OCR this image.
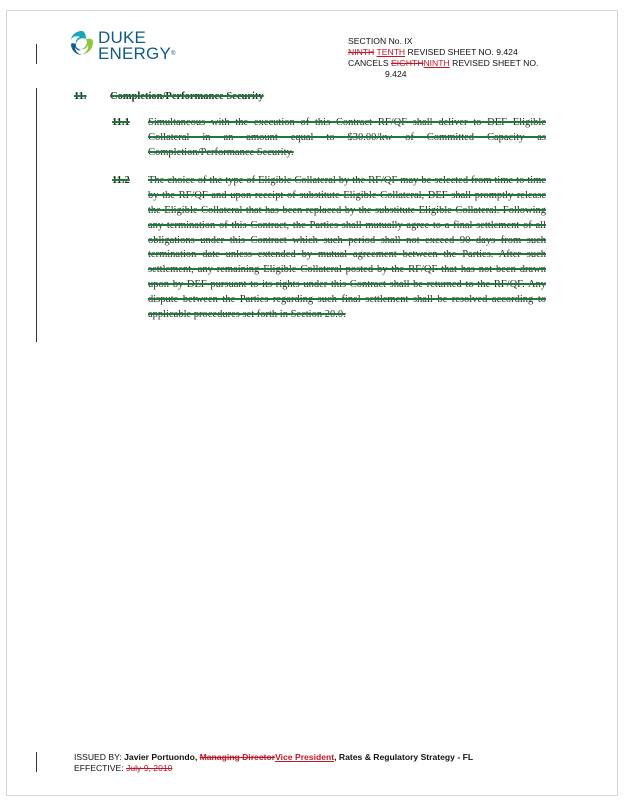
DUKE
ENERGY®
SECTION No. IX
NINTH TENTH REVISED SHEET NO. 9.424
CANCELS EIGHTHNINTH REVISED SHEET NO.
9.424
11.	Completion/Performance Security
11.1	Simultaneous with the execution of this Contract RF/QF shall deliver to DEF Eligible Collateral in an amount equal to $30.00/kw of Committed Capacity as Completion/Performance Security.
11.2	The choice of the type of Eligible Collateral by the RF/QF may be selected from time to time by the RF/QF and upon receipt of substitute Eligible Collateral, DEF shall promptly release the Eligible Collateral that has been replaced by the substitute Eligible Collateral. Following any termination of this Contract, the Parties shall mutually agree to a final settlement of all obligations under this Contract which such period shall not exceed 90 days from such termination date unless extended by mutual agreement between the Parties. After such settlement, any remaining Eligible Collateral posted by the RF/QF that has not been drawn upon by DEF pursuant to its rights under this Contract shall be returned to the RF/QF. Any dispute between the Parties regarding such final settlement shall be resolved according to applicable procedures set forth in Section 20.0.
ISSUED BY: Javier Portuondo, Managing DirectorVice President, Rates & Regulatory Strategy - FL
EFFECTIVE: July 9, 2010
